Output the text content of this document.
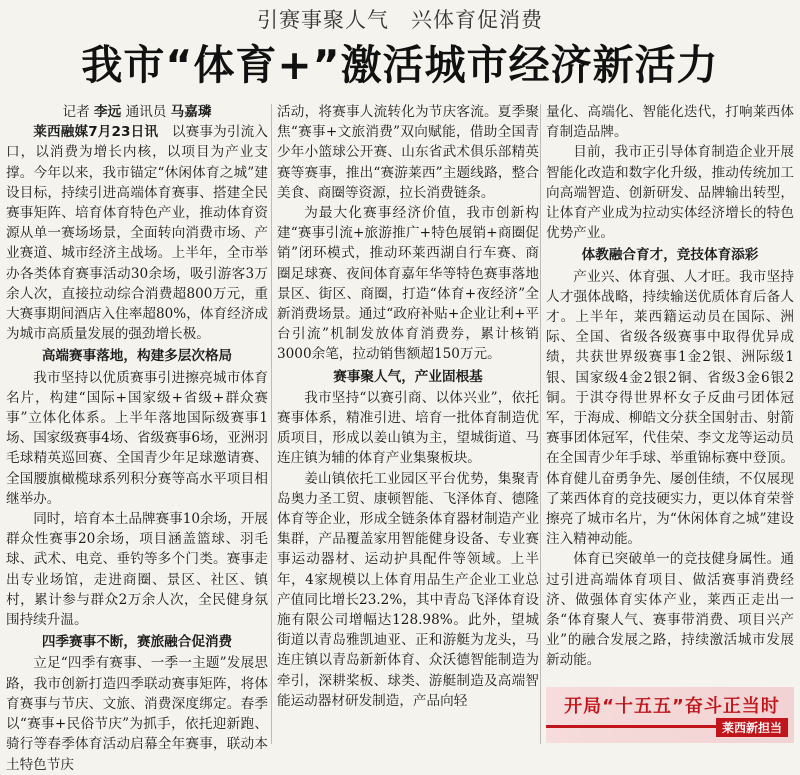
引赛事聚人气　兴体育促消费
我市“体育+”激活城市经济新活力

记者 李远 通讯员 马嘉璘

莱西融媒7月23日讯　 以赛事为引流入口，以消费为增长内核，以项目为产业支撑。今年以来，我市锚定“休闲体育之城”建设目标，持续引进高端体育赛事、搭建全民赛事矩阵、培育体育特色产业，推动体育资源从单一赛场场景，全面转向消费市场、产业赛道、城市经济主战场。上半年，全市举办各类体育赛事活动30余场，吸引游客3万余人次，直接拉动综合消费超800万元，重大赛事期间酒店入住率超80%，体育经济成为城市高质量发展的强劲增长极。

高端赛事落地，构建多层次格局

我市坚持以优质赛事引进擦亮城市体育名片，构建“国际+国家级+省级+群众赛事”立体化体系。上半年落地国际级赛事1场、国家级赛事4场、省级赛事6场，亚洲羽毛球精英巡回赛、全国青少年足球邀请赛、全国腰旗橄榄球系列积分赛等高水平项目相继举办。

同时，培育本土品牌赛事10余场，开展群众性赛事20余场，项目涵盖篮球、羽毛球、武术、电竞、垂钓等多个门类。赛事走出专业场馆，走进商圈、景区、社区、镇村，累计参与群众2万余人次，全民健身氛围持续升温。

四季赛事不断，赛旅融合促消费

立足“四季有赛事、一季一主题”发展思路，我市创新打造四季联动赛事矩阵，将体育赛事与节庆、文旅、消费深度绑定。春季以“赛事+民俗节庆”为抓手，依托迎新跑、骑行等春季体育活动启幕全年赛事，联动本土特色节庆

活动，将赛事人流转化为节庆客流。夏季聚焦“赛事+文旅消费”双向赋能，借助全国青少年小篮球公开赛、山东省武术俱乐部精英赛等赛事，推出“赛游莱西”主题线路，整合美食、商圈等资源，拉长消费链条。

为最大化赛事经济价值，我市创新构建“赛事引流+旅游推广+特色展销+商圈促销”闭环模式，推动环莱西湖自行车赛、商圈足球赛、夜间体育嘉年华等特色赛事落地景区、街区、商圈，打造“体育+夜经济”全新消费场景。通过“政府补贴+企业让利+平台引流”机制发放体育消费券，累计核销3000余笔，拉动销售额超150万元。

赛事聚人气，产业固根基

我市坚持“以赛引商、以体兴业”，依托赛事体系，精准引进、培育一批体育制造优质项目，形成以姜山镇为主，望城街道、马连庄镇为辅的体育产业集聚板块。

姜山镇依托工业园区平台优势，集聚青岛奥力圣工贸、康顿智能、飞泽体育、德隆体育等企业，形成全链条体育器材制造产业集群，产品覆盖家用智能健身设备、专业赛事运动器材、运动护具配件等领域。上半年，4家规模以上体育用品生产企业工业总产值同比增长23.2%，其中青岛飞泽体育设施有限公司增幅达128.98%。此外，望城街道以青岛雅凯迪亚、正和游艇为龙头，马连庄镇以青岛新新体育、众沃德智能制造为牵引，深耕桨板、球类、游艇制造及高端智能运动器材研发制造，产品向轻

量化、高端化、智能化迭代，打响莱西体育制造品牌。

目前，我市正引导体育制造企业开展智能化改造和数字化升级，推动传统加工向高端智造、创新研发、品牌输出转型，让体育产业成为拉动实体经济增长的特色优势产业。

体教融合育才，竞技体育添彩

产业兴、体育强、人才旺。我市坚持人才强体战略，持续输送优质体育后备人才。上半年，莱西籍运动员在国际、洲际、全国、省级各级赛事中取得优异成绩，共获世界级赛事1金2银、洲际级1银、国家级4金2银2铜、省级3金6银2铜。于淇夺得世界杯女子反曲弓团体冠军，于海成、柳皓文分获全国射击、射箭赛事团体冠军，代佳荣、李文龙等运动员在全国青少年手球、举重锦标赛中登顶。体育健儿奋勇争先、屡创佳绩，不仅展现了莱西体育的竞技硬实力，更以体育荣誉擦亮了城市名片，为“休闲体育之城”建设注入精神动能。

体育已突破单一的竞技健身属性。通过引进高端体育项目、做活赛事消费经济、做强体育实体产业，莱西正走出一条“体育聚人气、赛事带消费、项目兴产业”的融合发展之路，持续激活城市发展新动能。

开局“十五五”奋斗正当时
莱西新担当
